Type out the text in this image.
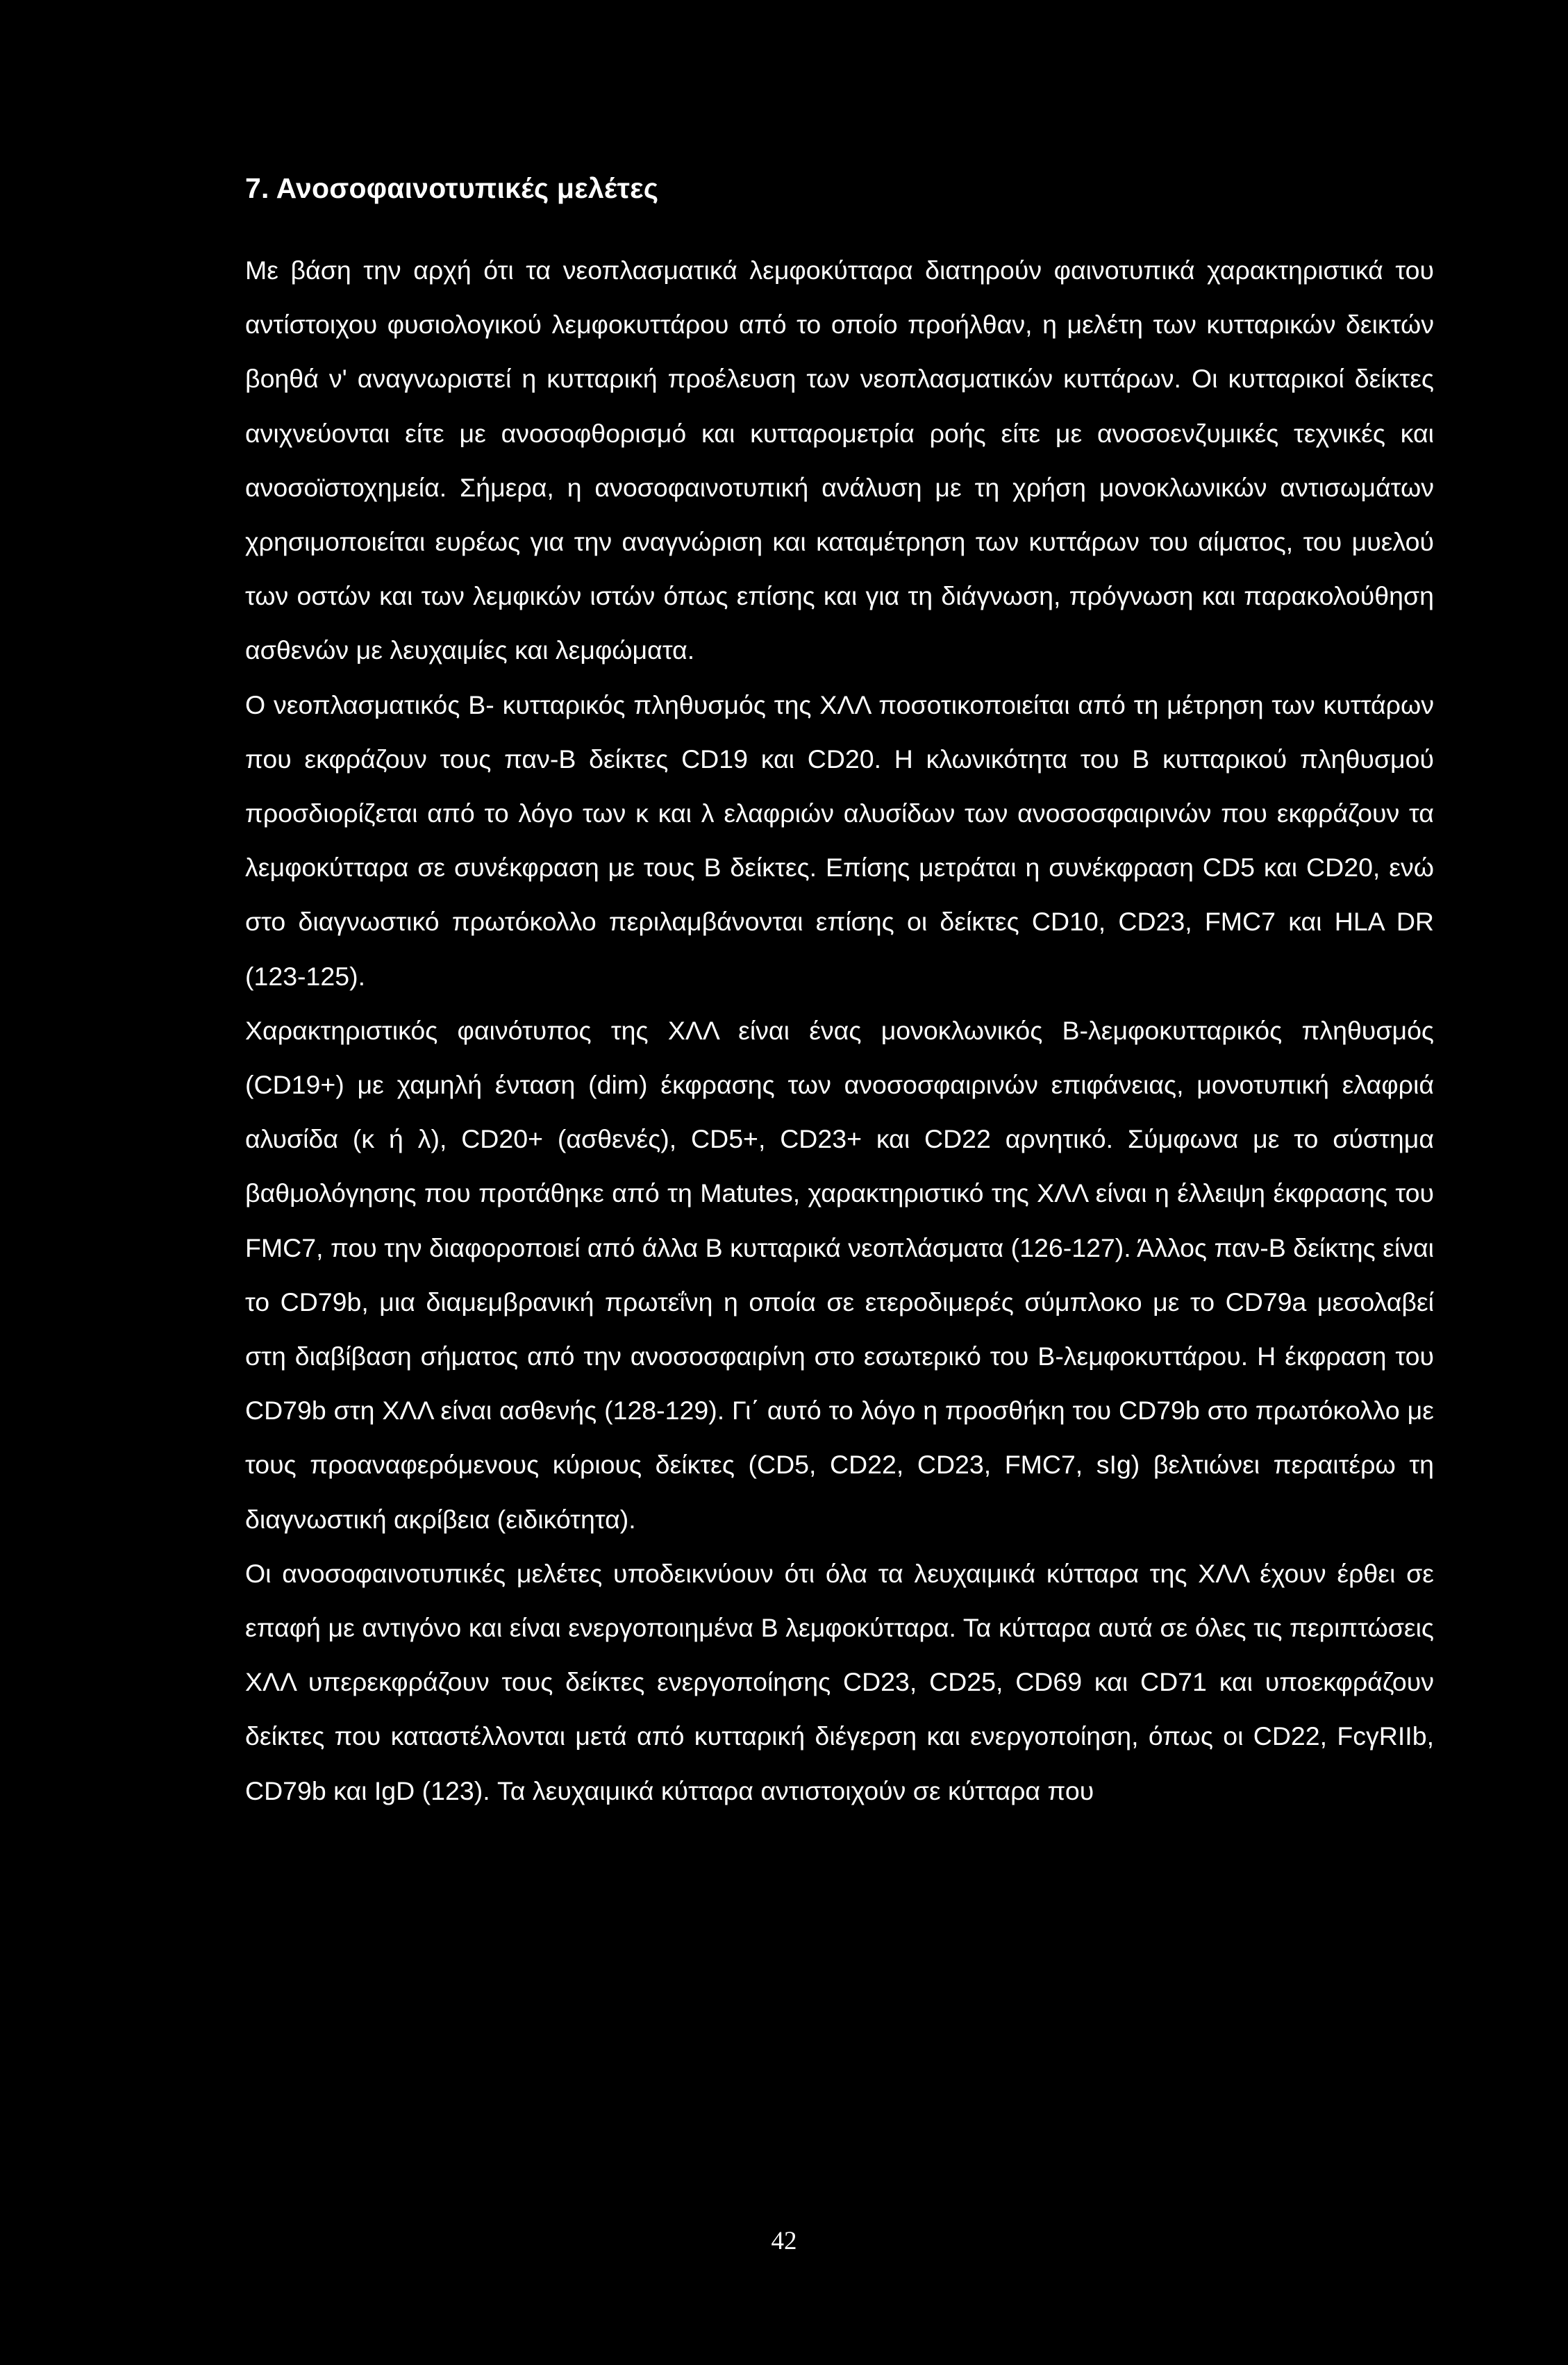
7. Ανοσοφαινοτυπικές μελέτες

Με βάση την αρχή ότι τα νεοπλασματικά λεμφοκύτταρα διατηρούν φαινοτυπικά χαρακτηριστικά του αντίστοιχου φυσιολογικού λεμφοκυττάρου από το οποίο προήλθαν, η μελέτη των κυτταρικών δεικτών βοηθά ν' αναγνωριστεί η κυτταρική προέλευση των νεοπλασματικών κυττάρων. Οι κυτταρικοί δείκτες ανιχνεύονται είτε με ανοσοφθορισμό και κυτταρομετρία ροής είτε με ανοσοενζυμικές τεχνικές και ανοσοϊστοχημεία. Σήμερα, η ανοσοφαινοτυπική ανάλυση με τη χρήση μονοκλωνικών αντισωμάτων χρησιμοποιείται ευρέως για την αναγνώριση και καταμέτρηση των κυττάρων του αίματος, του μυελού των οστών και των λεμφικών ιστών όπως επίσης και για τη διάγνωση, πρόγνωση και παρακολούθηση ασθενών με λευχαιμίες και λεμφώματα.

Ο νεοπλασματικός Β- κυτταρικός πληθυσμός της ΧΛΛ ποσοτικοποιείται από τη μέτρηση των κυττάρων που εκφράζουν τους παν-Β δείκτες CD19 και CD20. Η κλωνικότητα του Β κυτταρικού πληθυσμού προσδιορίζεται από το λόγο των κ και λ ελαφριών αλυσίδων των ανοσοσφαιρινών που εκφράζουν τα λεμφοκύτταρα σε συνέκφραση με τους Β δείκτες. Επίσης μετράται η συνέκφραση CD5 και CD20, ενώ στο διαγνωστικό πρωτόκολλο περιλαμβάνονται επίσης οι δείκτες CD10, CD23, FMC7 και HLA DR (123-125).

Χαρακτηριστικός φαινότυπος της ΧΛΛ είναι ένας μονοκλωνικός Β-λεμφοκυτταρικός πληθυσμός (CD19+) με χαμηλή ένταση (dim) έκφρασης των ανοσοσφαιρινών επιφάνειας, μονοτυπική ελαφριά αλυσίδα (κ ή λ), CD20+ (ασθενές), CD5+, CD23+ και CD22 αρνητικό. Σύμφωνα με το σύστημα βαθμολόγησης που προτάθηκε από τη Matutes, χαρακτηριστικό της ΧΛΛ είναι η έλλειψη έκφρασης του FMC7, που την διαφοροποιεί από άλλα Β κυτταρικά νεοπλάσματα (126-127). Άλλος παν-Β δείκτης είναι το CD79b, μια διαμεμβρανική πρωτεΐνη η οποία σε ετεροδιμερές σύμπλοκο με το CD79a μεσολαβεί στη διαβίβαση σήματος από την ανοσοσφαιρίνη στο εσωτερικό του Β-λεμφοκυττάρου. Η έκφραση του CD79b στη ΧΛΛ είναι ασθενής (128-129). Γι΄ αυτό το λόγο η προσθήκη του CD79b στο πρωτόκολλο με τους προαναφερόμενους κύριους δείκτες (CD5, CD22, CD23, FMC7, sIg) βελτιώνει περαιτέρω τη διαγνωστική ακρίβεια (ειδικότητα).

Οι ανοσοφαινοτυπικές μελέτες υποδεικνύουν ότι όλα τα λευχαιμικά κύτταρα της ΧΛΛ έχουν έρθει σε επαφή με αντιγόνο και είναι ενεργοποιημένα Β λεμφοκύτταρα. Τα κύτταρα αυτά σε όλες τις περιπτώσεις ΧΛΛ υπερεκφράζουν τους δείκτες ενεργοποίησης CD23, CD25, CD69 και CD71 και υποεκφράζουν δείκτες που καταστέλλονται μετά από κυτταρική διέγερση και ενεργοποίηση, όπως οι CD22, FcγRIIb, CD79b και IgD (123). Τα λευχαιμικά κύτταρα αντιστοιχούν σε κύτταρα που

42
